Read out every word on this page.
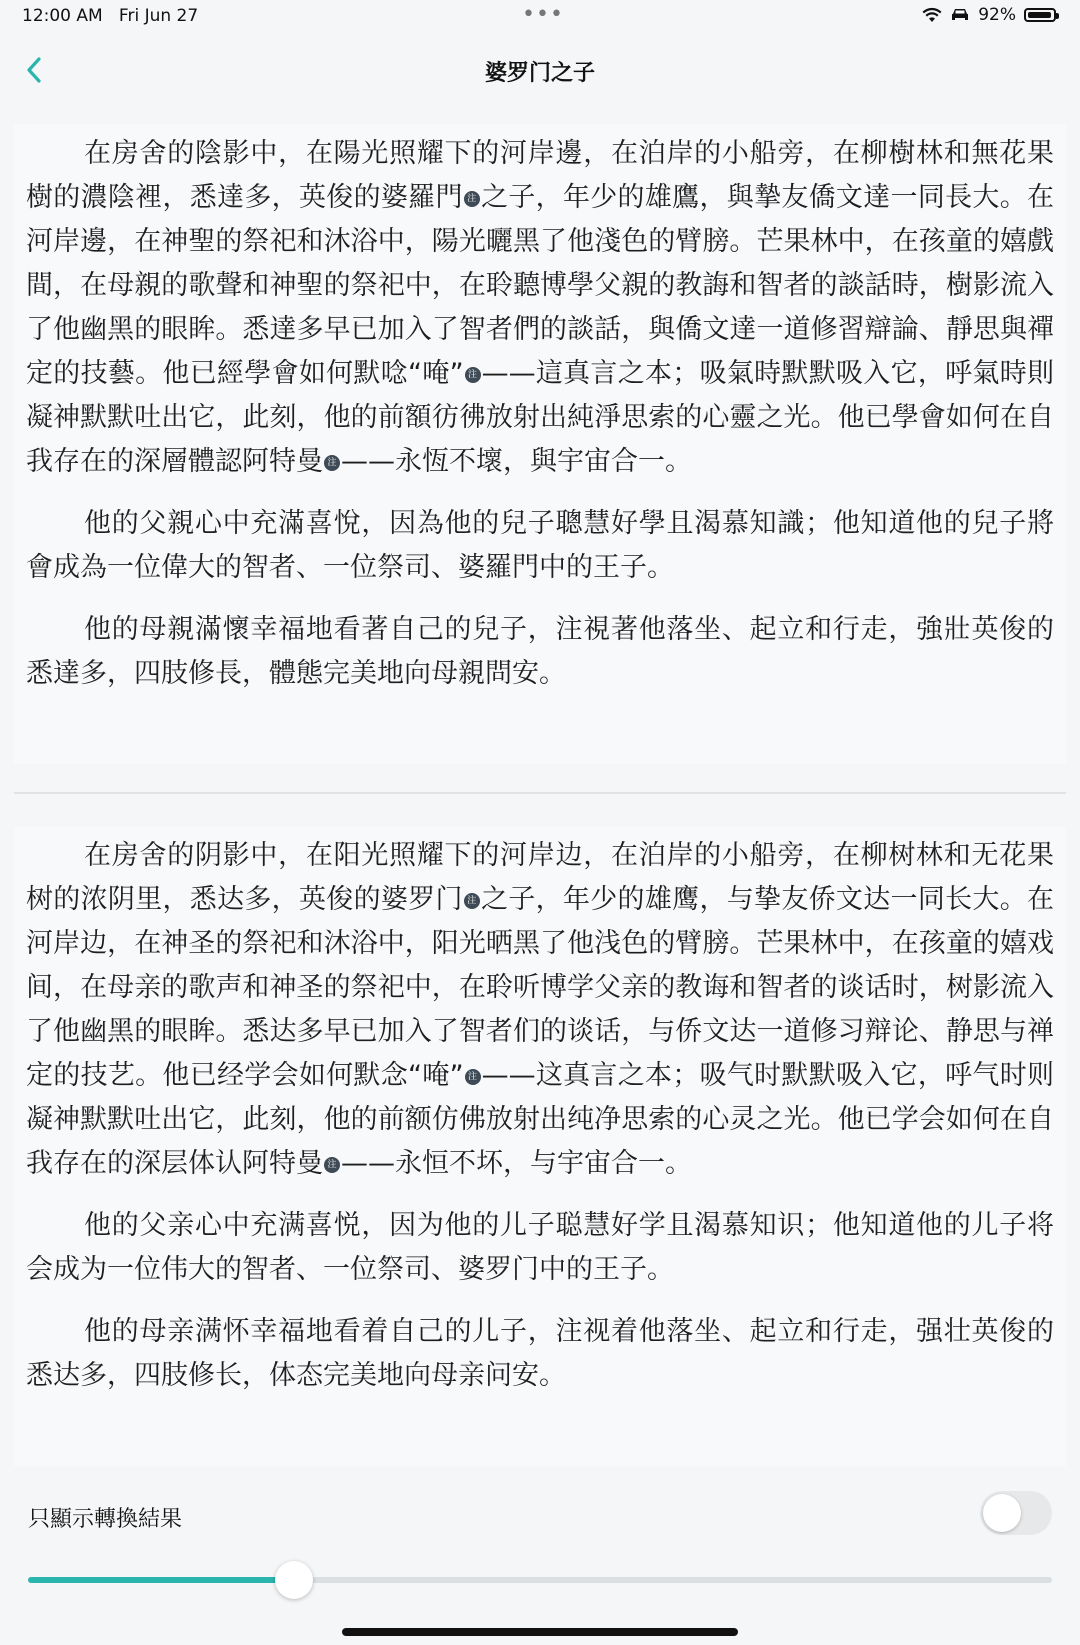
12:00 AM Fri Jun 27	•••	92%
婆罗门之子

在房舍的陰影中，在陽光照耀下的河岸邊，在泊岸的小船旁，在柳樹林和無花果樹的濃陰裡，悉達多，英俊的婆羅門 注 之子，年少的雄鷹，與摯友僑文達一同長大。在河岸邊，在神聖的祭祀和沐浴中，陽光曬黑了他淺色的臂膀。芒果林中，在孩童的嬉戲間，在母親的歌聲和神聖的祭祀中，在聆聽博學父親的教誨和智者的談話時，樹影流入了他幽黑的眼眸。悉達多早已加入了智者們的談話，與僑文達一道修習辯論、靜思與禪定的技藝。他已經學會如何默唸“唵” 注 ——這真言之本；吸氣時默默吸入它，呼氣時則凝神默默吐出它，此刻，他的前額彷彿放射出純淨思索的心靈之光。他已學會如何在自我存在的深層體認阿特曼 注 ——永恆不壞，與宇宙合一。

他的父親心中充滿喜悅，因為他的兒子聰慧好學且渴慕知識；他知道他的兒子將會成為一位偉大的智者、一位祭司、婆羅門中的王子。

他的母親滿懷幸福地看著自己的兒子，注視著他落坐、起立和行走，強壯英俊的悉達多，四肢修長，體態完美地向母親問安。

在房舍的阴影中，在阳光照耀下的河岸边，在泊岸的小船旁，在柳树林和无花果树的浓阴里，悉达多，英俊的婆罗门 注 之子，年少的雄鹰，与挚友侨文达一同长大。在河岸边，在神圣的祭祀和沐浴中，阳光晒黑了他浅色的臂膀。芒果林中，在孩童的嬉戏间，在母亲的歌声和神圣的祭祀中，在聆听博学父亲的教诲和智者的谈话时，树影流入了他幽黑的眼眸。悉达多早已加入了智者们的谈话，与侨文达一道修习辩论、静思与禅定的技艺。他已经学会如何默念“唵” 注 ——这真言之本；吸气时默默吸入它，呼气时则凝神默默吐出它，此刻，他的前额仿佛放射出纯净思索的心灵之光。他已学会如何在自我存在的深层体认阿特曼 注 ——永恒不坏，与宇宙合一。

他的父亲心中充满喜悦，因为他的儿子聪慧好学且渴慕知识；他知道他的儿子将会成为一位伟大的智者、一位祭司、婆罗门中的王子。

他的母亲满怀幸福地看着自己的儿子，注视着他落坐、起立和行走，强壮英俊的悉达多，四肢修长，体态完美地向母亲问安。

只顯示轉換結果
